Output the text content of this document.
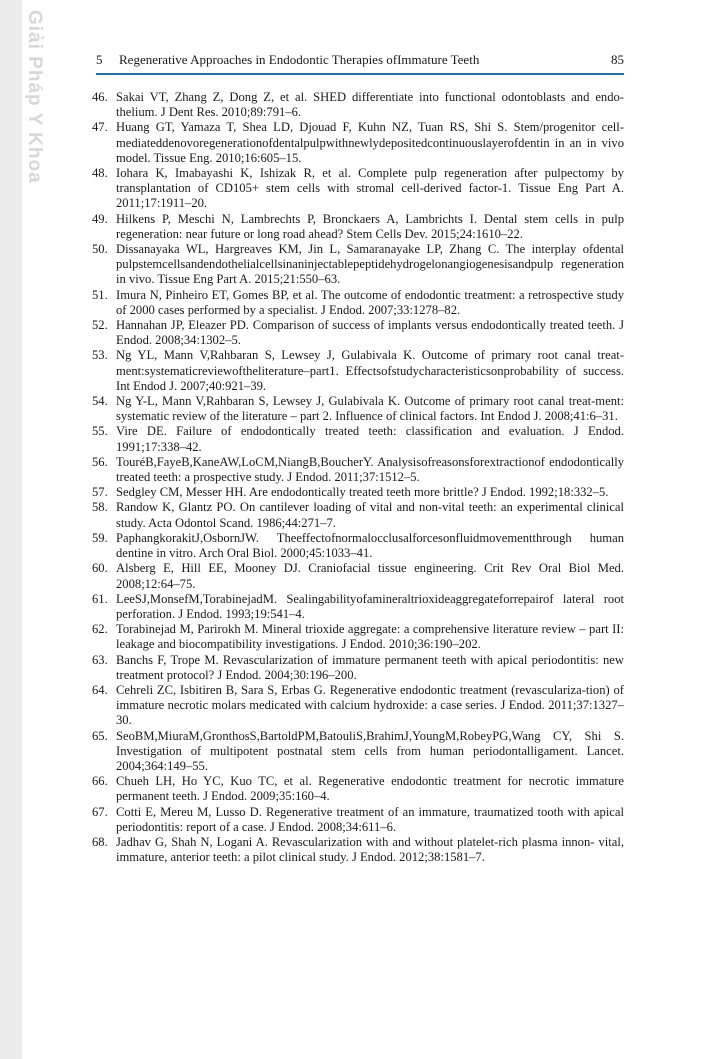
Giải Pháp Y Khoa	5 Regenerative Approaches in Endodontic Therapies ofImmature Teeth	85
46. Sakai VT, Zhang Z, Dong Z, et al. SHED differentiate into functional odontoblasts and endo- thelium. J Dent Res. 2010;89:791–6.
47. Huang GT, Yamaza T, Shea LD, Djouad F, Kuhn NZ, Tuan RS, Shi S. Stem/progenitor cell-mediateddenovoregenerationofdentalpulpwithnewlydepositedcontinuouslayerofdentin in an in vivo model. Tissue Eng. 2010;16:605–15.
48. Iohara K, Imabayashi K, Ishizak R, et al. Complete pulp regeneration after pulpectomy by transplantation of CD105+ stem cells with stromal cell-derived factor-1. Tissue Eng Part A. 2011;17:1911–20.
49. Hilkens P, Meschi N, Lambrechts P, Bronckaers A, Lambrichts I. Dental stem cells in pulp regeneration: near future or long road ahead? Stem Cells Dev. 2015;24:1610–22.
50. Dissanayaka WL, Hargreaves KM, Jin L, Samaranayake LP, Zhang C. The interplay ofdental pulpstemcellsandendothelialcellsinaninjectablepeptidehydrogelonangiogenesisandpulp regeneration in vivo. Tissue Eng Part A. 2015;21:550–63.
51. Imura N, Pinheiro ET, Gomes BP, et al. The outcome of endodontic treatment: a retrospective study of 2000 cases performed by a specialist. J Endod. 2007;33:1278–82.
52. Hannahan JP, Eleazer PD. Comparison of success of implants versus endodontically treated teeth. J Endod. 2008;34:1302–5.
53. Ng YL, Mann V,Rahbaran S, Lewsey J, Gulabivala K. Outcome of primary root canal treat-ment:systematicreviewoftheliterature–part1. Effectsofstudycharacteristicsonprobability of success. Int Endod J. 2007;40:921–39.
54. Ng Y-L, Mann V,Rahbaran S, Lewsey J, Gulabivala K. Outcome of primary root canal treat-ment: systematic review of the literature – part 2. Influence of clinical factors. Int Endod J. 2008;41:6–31.
55. Vire DE. Failure of endodontically treated teeth: classification and evaluation. J Endod. 1991;17:338–42.
56. TouréB,FayeB,KaneAW,LoCM,NiangB,BoucherY. Analysisofreasonsforextractionof endodontically treated teeth: a prospective study. J Endod. 2011;37:1512–5.
57. Sedgley CM, Messer HH. Are endodontically treated teeth more brittle? J Endod. 1992;18:332–5.
58. Randow K, Glantz PO. On cantilever loading of vital and non-vital teeth: an experimental clinical study. Acta Odontol Scand. 1986;44:271–7.
59. PaphangkorakitJ,OsbornJW. Theeffectofnormalocclusalforcesonfluidmovementthrough human dentine in vitro. Arch Oral Biol. 2000;45:1033–41.
60. Alsberg E, Hill EE, Mooney DJ. Craniofacial tissue engineering. Crit Rev Oral Biol Med. 2008;12:64–75.
61. LeeSJ,MonsefM,TorabinejadM. Sealingabilityofamineraltrioxideaggregateforrepairof lateral root perforation. J Endod. 1993;19:541–4.
62. Torabinejad M, Parirokh M. Mineral trioxide aggregate: a comprehensive literature review – part II: leakage and biocompatibility investigations. J Endod. 2010;36:190–202.
63. Banchs F, Trope M. Revascularization of immature permanent teeth with apical periodontitis: new treatment protocol? J Endod. 2004;30:196–200.
64. Cehreli ZC, Isbitiren B, Sara S, Erbas G. Regenerative endodontic treatment (revasculariza-tion) of immature necrotic molars medicated with calcium hydroxide: a case series. J Endod. 2011;37:1327–30.
65. SeoBM,MiuraM,GronthosS,BartoldPM,BatouliS,BrahimJ,YoungM,RobeyPG,Wang CY, Shi S. Investigation of multipotent postnatal stem cells from human periodontalligament. Lancet. 2004;364:149–55.
66. Chueh LH, Ho YC, Kuo TC, et al. Regenerative endodontic treatment for necrotic immature permanent teeth. J Endod. 2009;35:160–4.
67. Cotti E, Mereu M, Lusso D. Regenerative treatment of an immature, traumatized tooth with apical periodontitis: report of a case. J Endod. 2008;34:611–6.
68. Jadhav G, Shah N, Logani A. Revascularization with and without platelet-rich plasma innon- vital, immature, anterior teeth: a pilot clinical study. J Endod. 2012;38:1581–7.
